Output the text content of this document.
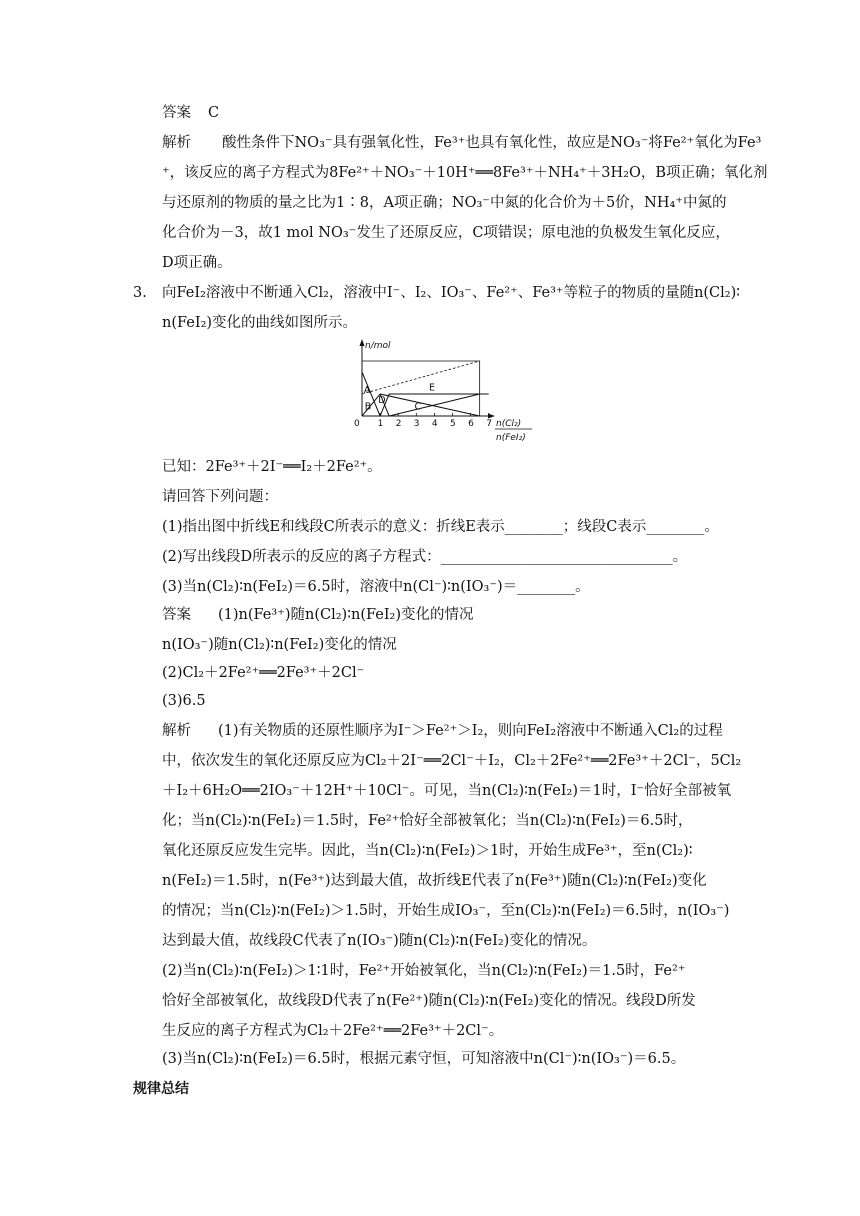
答案 C
解析 酸性条件下NO₃⁻具有强氧化性，Fe³⁺也具有氧化性，故应是NO₃⁻将Fe²⁺氧化为Fe³
⁺，该反应的离子方程式为8Fe²⁺＋NO₃⁻＋10H⁺══8Fe³⁺＋NH₄⁺＋3H₂O，B项正确；氧化剂
与还原剂的物质的量之比为1∶8，A项正确；NO₃⁻中氮的化合价为＋5价，NH₄⁺中氮的
化合价为－3，故1 mol NO₃⁻发生了还原反应，C项错误；原电池的负极发生氧化反应，
D项正确。
3. 向FeI₂溶液中不断通入Cl₂，溶液中I⁻、I₂、IO₃⁻、Fe²⁺、Fe³⁺等粒子的物质的量随n(Cl₂)∶
n(FeI₂)变化的曲线如图所示。
n/mol
0 1 2 3 4 5 6 7
A
B
D
C
E
n(Cl₂)
n(FeI₂)
已知：2Fe³⁺＋2I⁻══I₂＋2Fe²⁺。
请回答下列问题：
(1)指出图中折线E和线段C所表示的意义：折线E表示________；线段C表示________。
(2)写出线段D所表示的反应的离子方程式：________________________________。
(3)当n(Cl₂)∶n(FeI₂)＝6.5时，溶液中n(Cl⁻)∶n(IO₃⁻)＝________。
答案 (1)n(Fe³⁺)随n(Cl₂)∶n(FeI₂)变化的情况
n(IO₃⁻)随n(Cl₂)∶n(FeI₂)变化的情况
(2)Cl₂＋2Fe²⁺══2Fe³⁺＋2Cl⁻
(3)6.5
解析 (1)有关物质的还原性顺序为I⁻＞Fe²⁺＞I₂，则向FeI₂溶液中不断通入Cl₂的过程
中，依次发生的氧化还原反应为Cl₂＋2I⁻══2Cl⁻＋I₂，Cl₂＋2Fe²⁺══2Fe³⁺＋2Cl⁻，5Cl₂
＋I₂＋6H₂O══2IO₃⁻＋12H⁺＋10Cl⁻。可见，当n(Cl₂)∶n(FeI₂)＝1时，I⁻恰好全部被氧
化；当n(Cl₂)∶n(FeI₂)＝1.5时，Fe²⁺恰好全部被氧化；当n(Cl₂)∶n(FeI₂)＝6.5时，
氧化还原反应发生完毕。因此，当n(Cl₂)∶n(FeI₂)＞1时，开始生成Fe³⁺，至n(Cl₂)∶
n(FeI₂)＝1.5时，n(Fe³⁺)达到最大值，故折线E代表了n(Fe³⁺)随n(Cl₂)∶n(FeI₂)变化
的情况；当n(Cl₂)∶n(FeI₂)＞1.5时，开始生成IO₃⁻，至n(Cl₂)∶n(FeI₂)＝6.5时，n(IO₃⁻)
达到最大值，故线段C代表了n(IO₃⁻)随n(Cl₂)∶n(FeI₂)变化的情况。
(2)当n(Cl₂)∶n(FeI₂)＞1∶1时，Fe²⁺开始被氧化，当n(Cl₂)∶n(FeI₂)＝1.5时，Fe²⁺
恰好全部被氧化，故线段D代表了n(Fe²⁺)随n(Cl₂)∶n(FeI₂)变化的情况。线段D所发
生反应的离子方程式为Cl₂＋2Fe²⁺══2Fe³⁺＋2Cl⁻。
(3)当n(Cl₂)∶n(FeI₂)＝6.5时，根据元素守恒，可知溶液中n(Cl⁻)∶n(IO₃⁻)＝6.5。
规律总结
